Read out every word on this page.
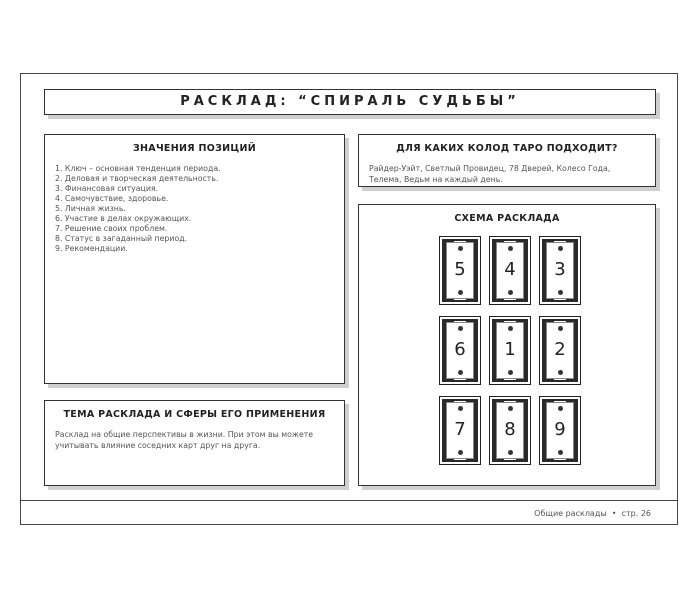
РАСКЛАД: “СПИРАЛЬ СУДЬБЫ”
ЗНАЧЕНИЯ ПОЗИЦИЙ
1. Ключ – основная тенденция периода.
2. Деловая и творческая деятельность.
3. Финансовая ситуация.
4. Самочувствие, здоровье.
5. Личная жизнь.
6. Участие в делах окружающих.
7. Решение своих проблем.
8. Статус в загаданный период.
9. Рекомендации.
ТЕМА РАСКЛАДА И СФЕРЫ ЕГО ПРИМЕНЕНИЯ

Расклад на общие перспективы в жизни. При этом вы можете учитывать влияние соседних карт друг на друга.

ДЛЯ КАКИХ КОЛОД ТАРО ПОДХОДИТ?

Райдер-Уэйт, Светлый Провидец, 78 Дверей, Колесо Года, Телема, Ведьм на каждый день.

СХЕМА РАСКЛАДА
5	4	3
6	1	2
7	8	9
Общие расклады • стр. 26
